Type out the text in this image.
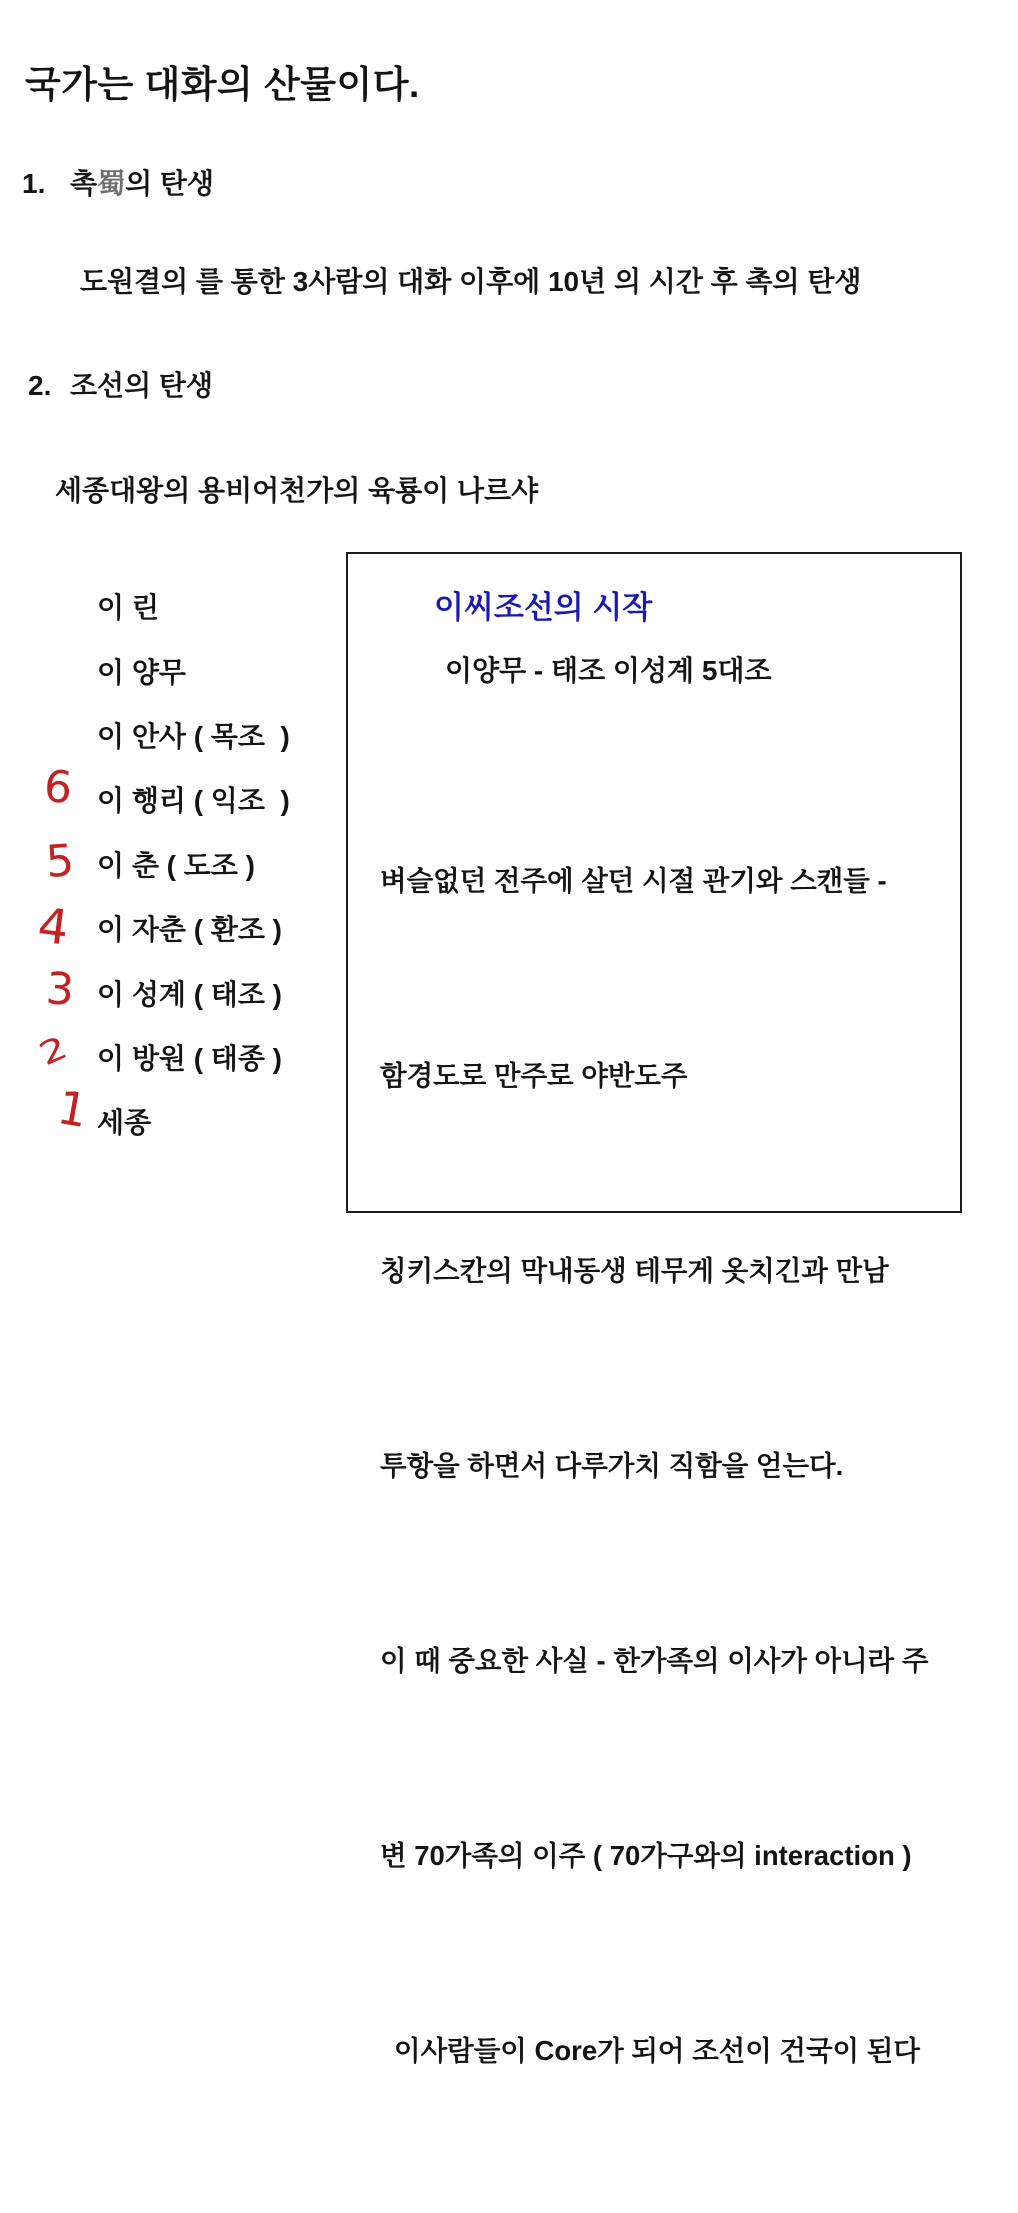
국가는 대화의 산물이다.
1. 촉蜀의 탄생
도원결의 를 통한 3사람의 대화 이후에 10년 의 시간 후 촉의 탄생
2. 조선의 탄생
세종대왕의 용비어천가의 육룡이 나르샤
이 린
이 양무
이 안사 ( 목조  )
이 행리 ( 익조  )
이 춘 ( 도조 )
이 자춘 ( 환조 )
이 성계 ( 태조 )
이 방원 ( 태종 )
세종
6
5
4
3
2
1
이씨조선의 시작
이양무 - 태조 이성계 5대조

벼슬없던 전주에 살던 시절 관기와 스캔들 -

함경도로 만주로 야반도주

칭키스칸의 막내동생 테무게 옷치긴과 만남

투항을 하면서 다루가치 직함을 얻는다.

이 때 중요한 사실 - 한가족의 이사가 아니라 주

변 70가족의 이주 ( 70가구와의 interaction )

이사람들이 Core가 되어 조선이 건국이 된다
